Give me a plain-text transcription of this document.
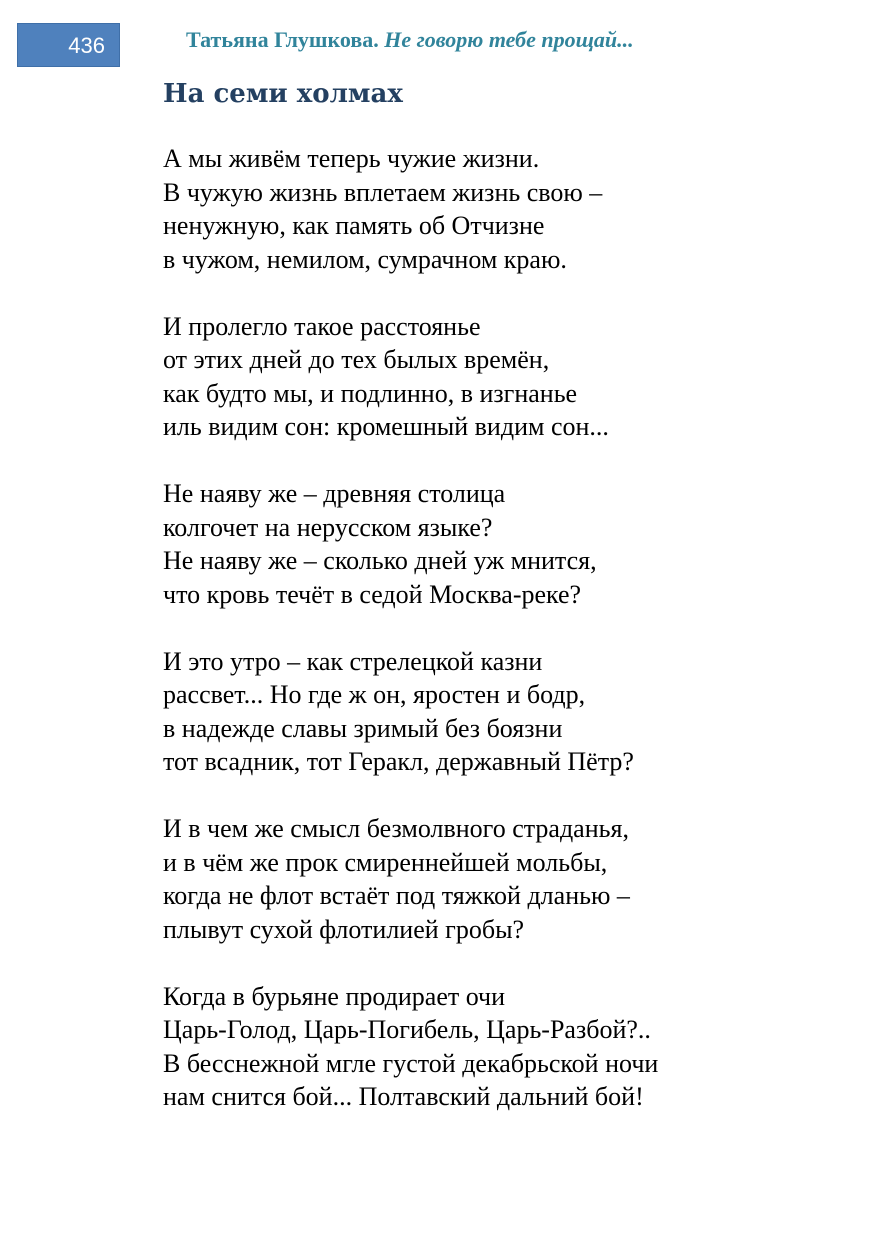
436	Татьяна Глушкова. Не говорю тебе прощай...
На семи холмах
А мы живём теперь чужие жизни.
В чужую жизнь вплетаем жизнь свою –
ненужную, как память об Отчизне
в чужом, немилом, сумрачном краю.
И пролегло такое расстоянье
от этих дней до тех былых времён,
как будто мы, и подлинно, в изгнанье
иль видим сон: кромешный видим сон...
Не наяву же – древняя столица
колгочет на нерусском языке?
Не наяву же – сколько дней уж мнится,
что кровь течёт в седой Москва-реке?
И это утро – как стрелецкой казни
рассвет... Но где ж он, яростен и бодр,
в надежде славы зримый без боязни
тот всадник, тот Геракл, державный Пётр?
И в чем же смысл безмолвного страданья,
и в чём же прок смиреннейшей мольбы,
когда не флот встаёт под тяжкой дланью –
плывут сухой флотилией гробы?
Когда в бурьяне продирает очи
Царь-Голод, Царь-Погибель, Царь-Разбой?..
В бесснежной мгле густой декабрьской ночи
нам снится бой... Полтавский дальний бой!
